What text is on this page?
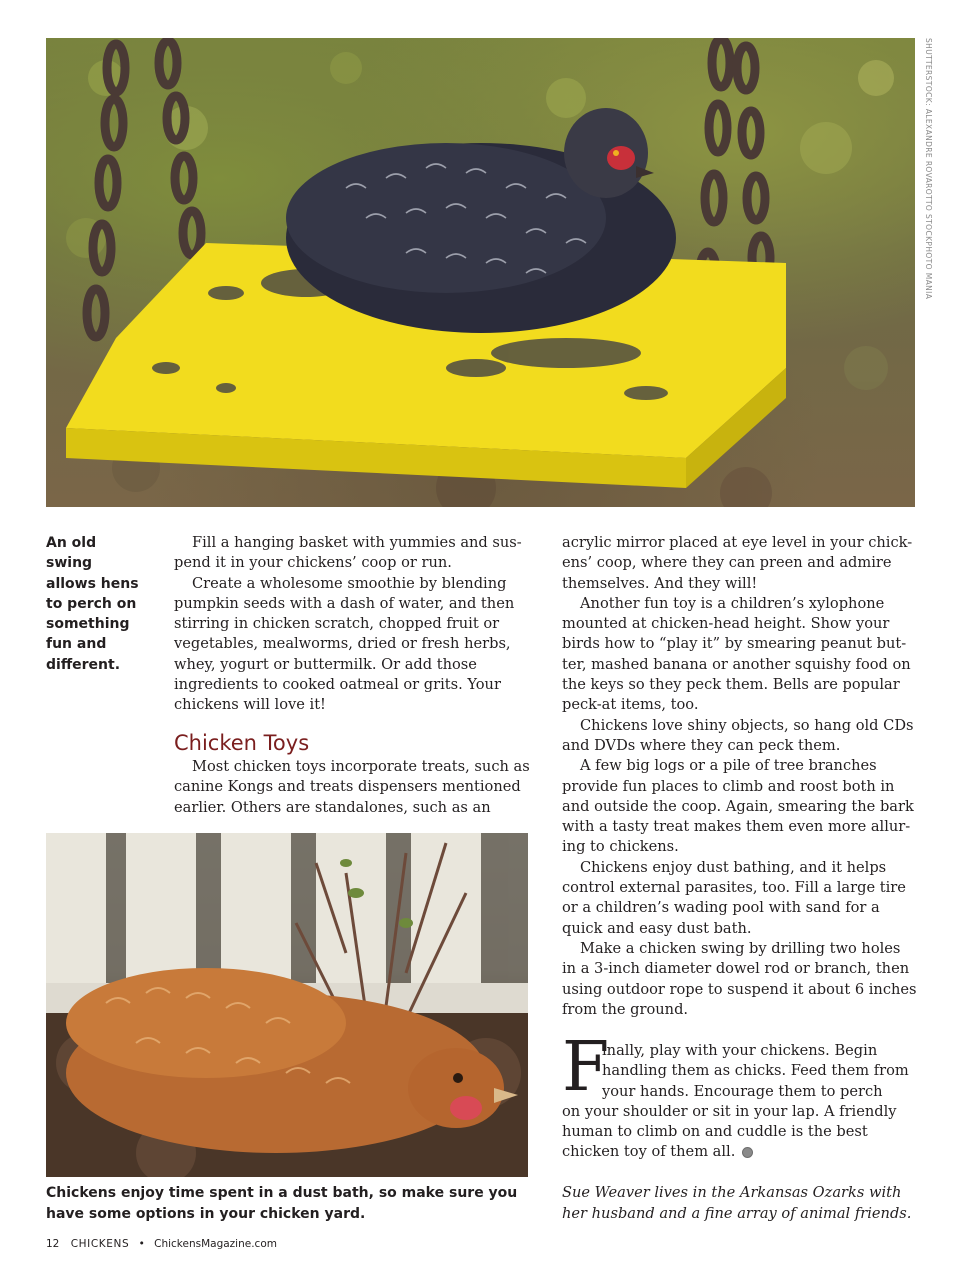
SHUTTERSTOCK: ALEXANDRE ROVAROTTO STOCKPHOTO MANIA
An old
swing
allows hens
to perch on
something
fun and
different.
Fill a hanging basket with yummies and sus-
pend it in your chickens’ coop or run.
Create a wholesome smoothie by blending
pumpkin seeds with a dash of water, and then
stirring in chicken scratch, chopped fruit or
vegetables, mealworms, dried or fresh herbs,
whey, yogurt or buttermilk. Or add those
ingredients to cooked oatmeal or grits. Your
chickens will love it!
Chicken Toys
Most chicken toys incorporate treats, such as
canine Kongs and treats dispensers mentioned
earlier. Others are standalones, such as an
Chickens enjoy time spent in a dust bath, so make sure you
have some options in your chicken yard.
acrylic mirror placed at eye level in your chick-
ens’ coop, where they can preen and admire
themselves. And they will!
Another fun toy is a children’s xylophone
mounted at chicken-head height. Show your
birds how to “play it” by smearing peanut but-
ter, mashed banana or another squishy food on
the keys so they peck them. Bells are popular
peck-at items, too.
Chickens love shiny objects, so hang old CDs
and DVDs where they can peck them.
A few big logs or a pile of tree branches
provide fun places to climb and roost both in
and outside the coop. Again, smearing the bark
with a tasty treat makes them even more allur-
ing to chickens.
Chickens enjoy dust bathing, and it helps
control external parasites, too. Fill a large tire
or a children’s wading pool with sand for a
quick and easy dust bath.
Make a chicken swing by drilling two holes
in a 3-inch diameter dowel rod or branch, then
using outdoor rope to suspend it about 6 inches
from the ground.
F
inally, play with your chickens. Begin
handling them as chicks. Feed them from
your hands. Encourage them to perch
on your shoulder or sit in your lap. A friendly
human to climb on and cuddle is the best
chicken toy of them all.
Sue Weaver lives in the Arkansas Ozarks with
her husband and a fine array of animal friends.
12 CHICKENS • ChickensMagazine.com
